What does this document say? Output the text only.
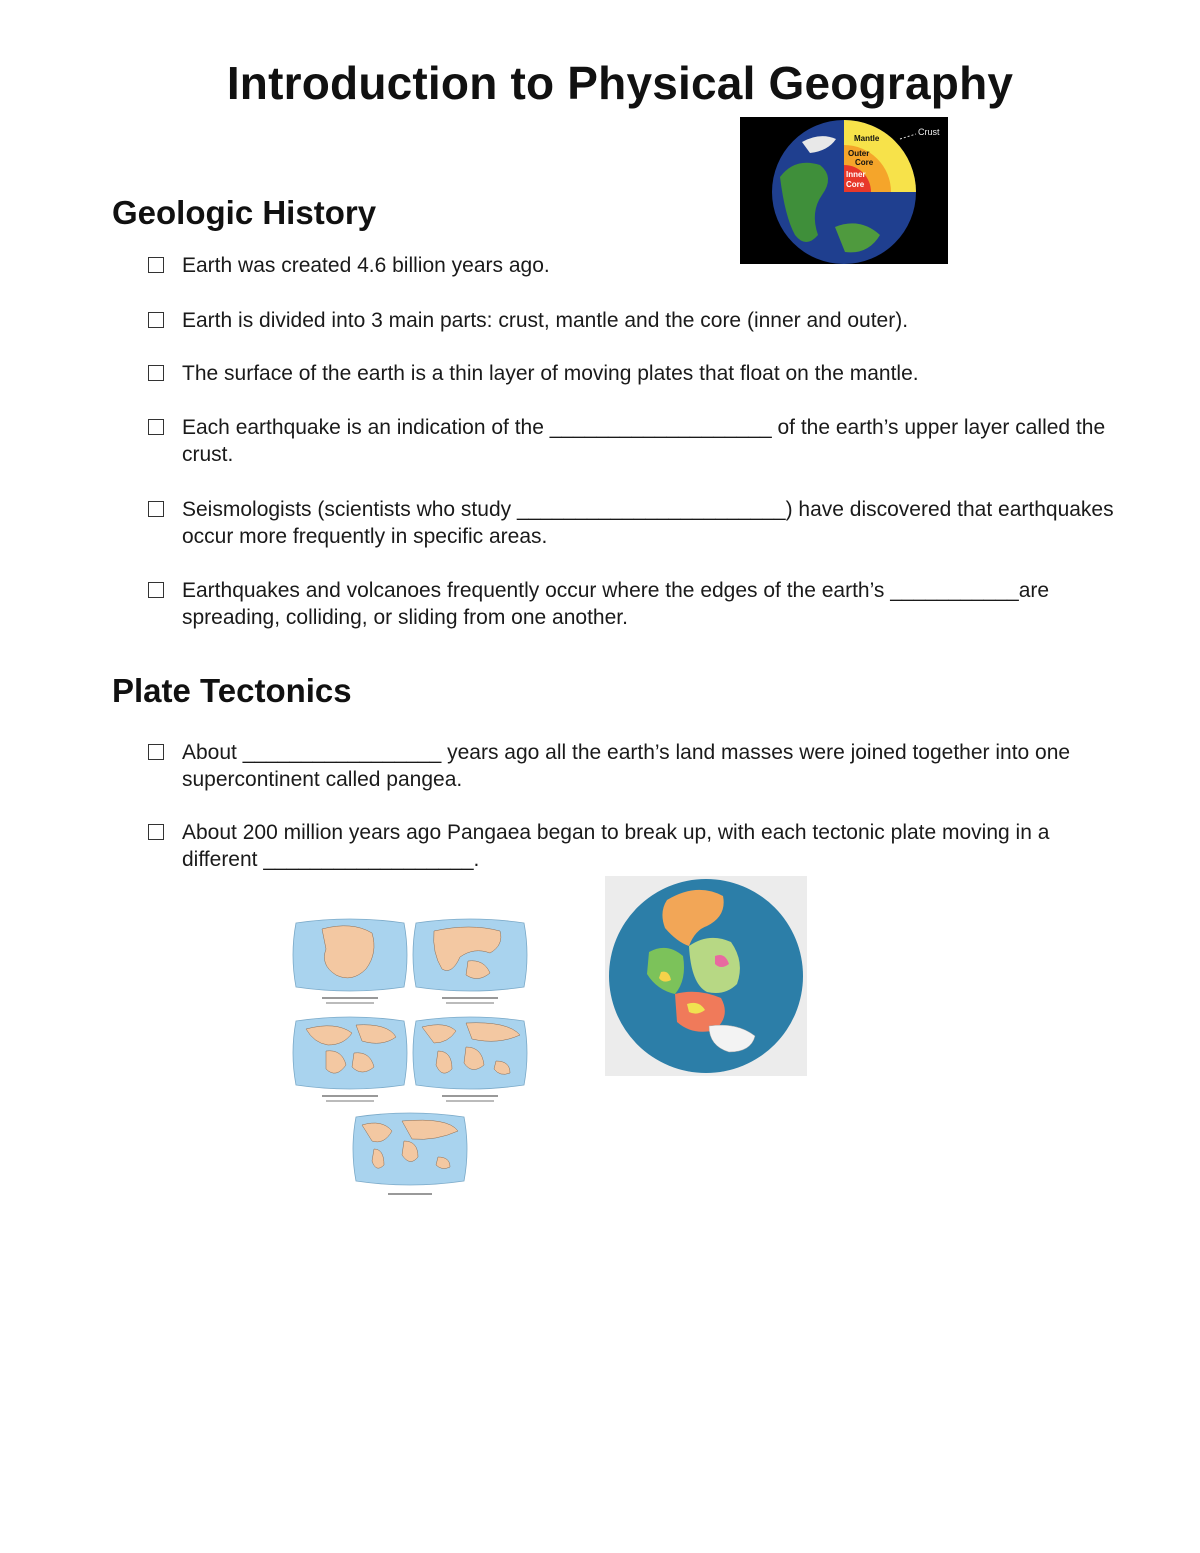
Introduction to Physical Geography
Geologic History
Earth was created 4.6 billion years ago.
Earth is divided into 3 main parts: crust, mantle and the core (inner and outer).
The surface of the earth is a thin layer of moving plates that float on the mantle.
Each earthquake is an indication of the ___________________ of the earth’s upper layer called the crust.
Seismologists (scientists who study _______________________) have discovered that earthquakes occur more frequently in specific areas.
Earthquakes and volcanoes frequently occur where the edges of the earth’s ___________are spreading, colliding, or sliding from one another.
Plate Tectonics
About _________________ years ago all the earth’s land masses were joined together into one supercontinent called pangea.
About 200 million years ago Pangaea began to break up, with each tectonic plate moving in a different __________________.
Crust
Mantle
Outer
Core
Inner
Core
